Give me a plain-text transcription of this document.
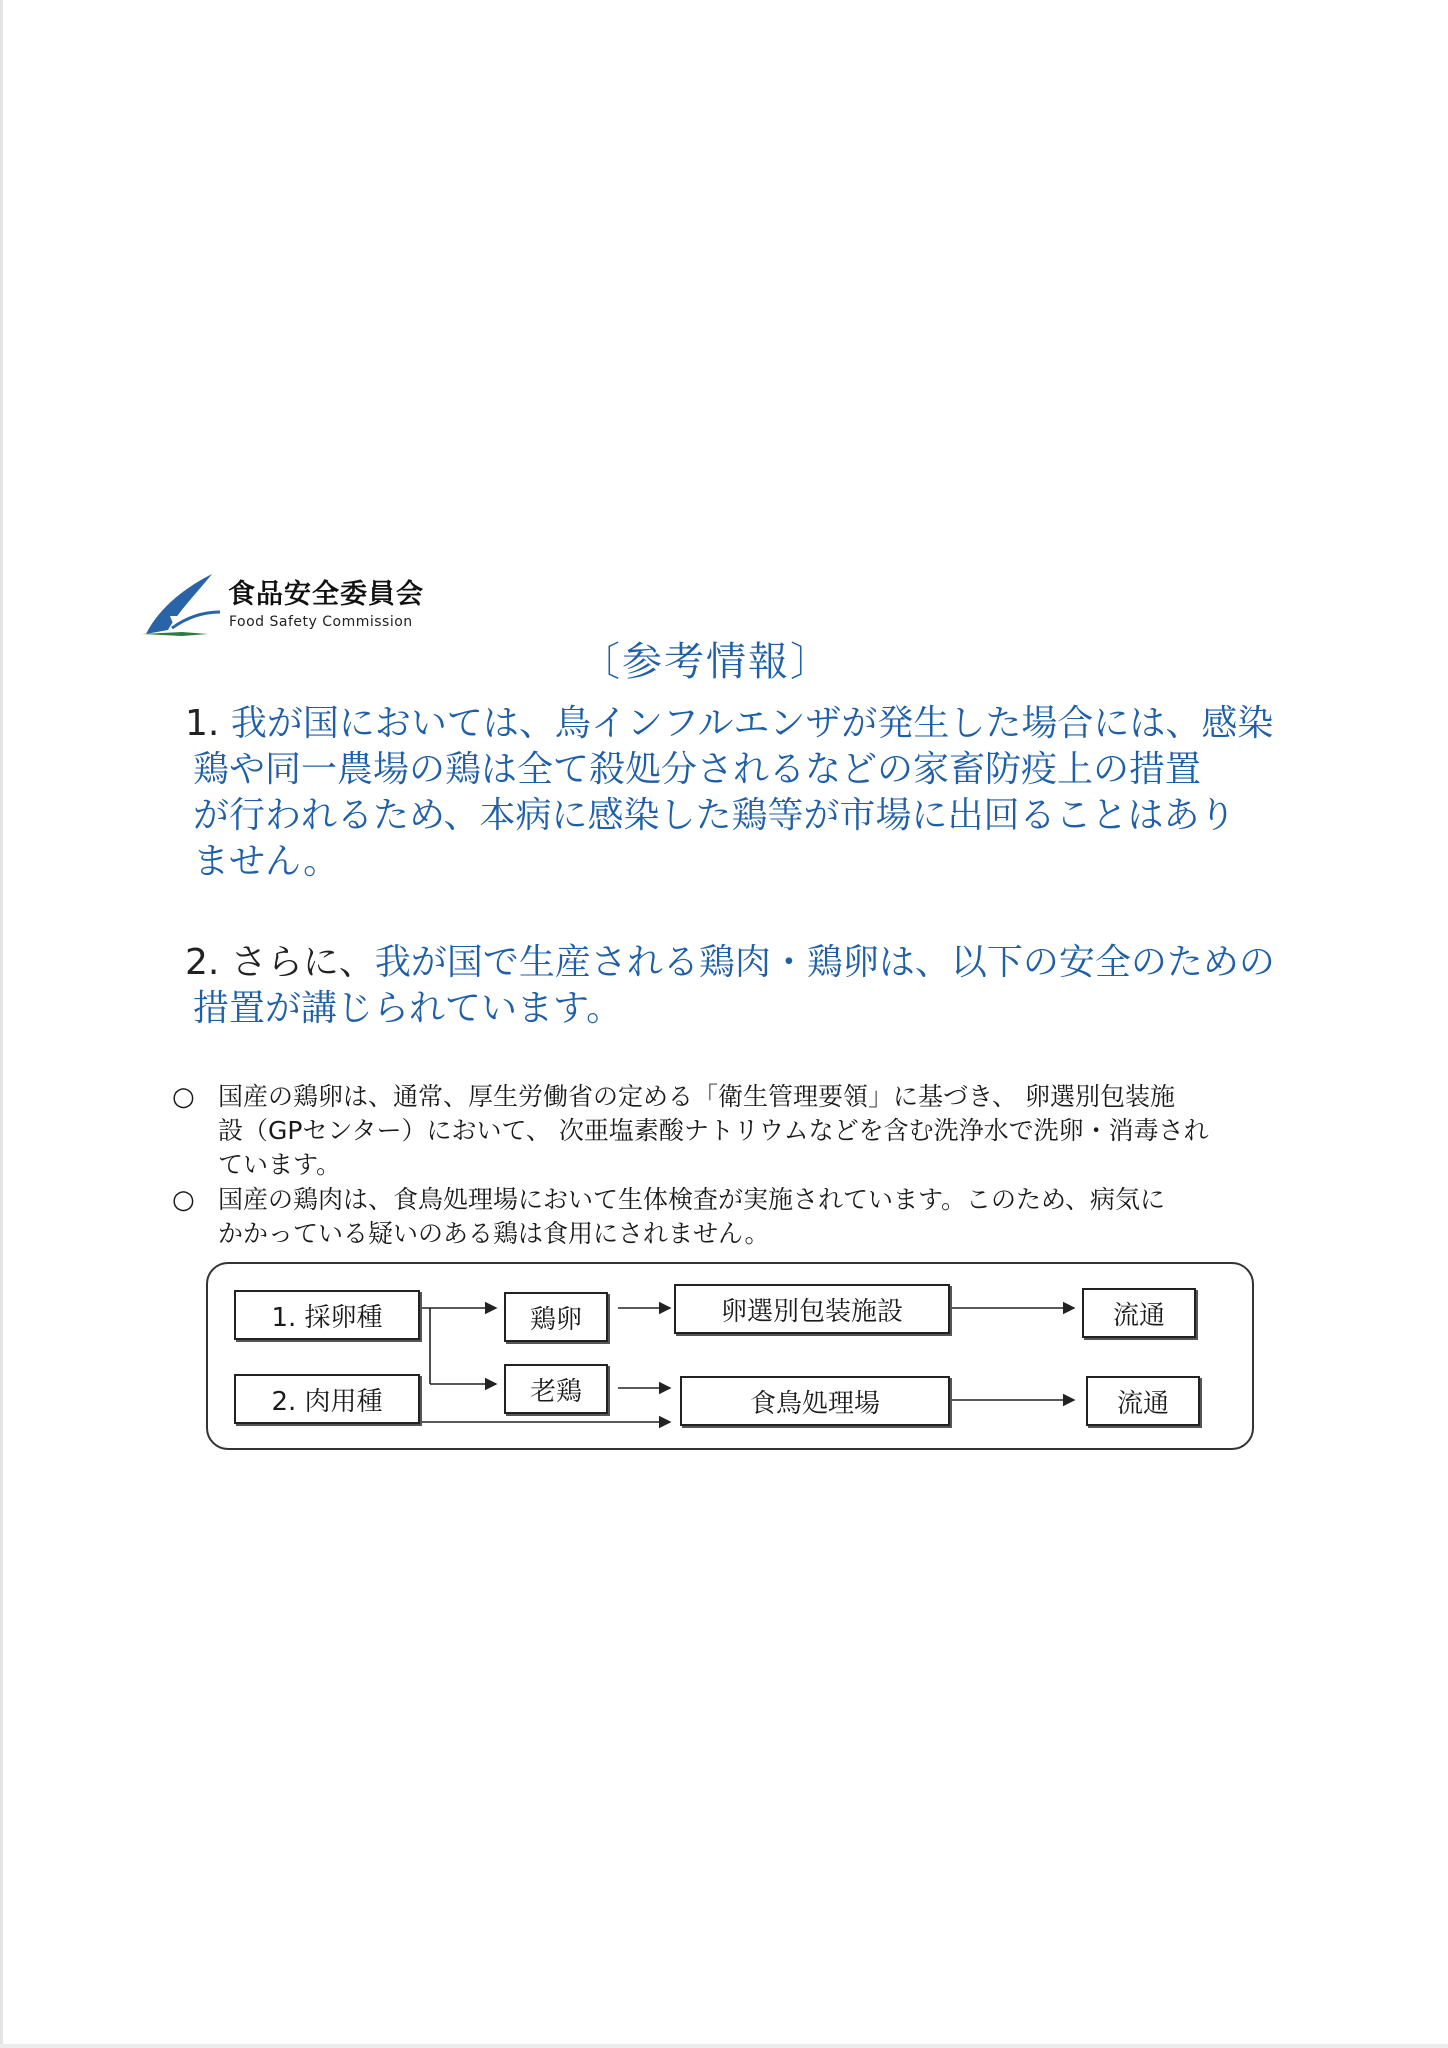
食品安全委員会
Food Safety Commission
〔参考情報〕
1. 我が国においては、鳥インフルエンザが発生した場合には、感染
鶏や同一農場の鶏は全て殺処分されるなどの家畜防疫上の措置
が行われるため、本病に感染した鶏等が市場に出回ることはあり
ません。
2. さらに、我が国で生産される鶏肉・鶏卵は、以下の安全のための
措置が講じられています。
○ 国産の鶏卵は、通常、厚生労働省の定める「衛生管理要領」に基づき、 卵選別包装施
設（GPセンター）において、 次亜塩素酸ナトリウムなどを含む洗浄水で洗卵・消毒され
ています。
○ 国産の鶏肉は、食鳥処理場において生体検査が実施されています。このため、病気に
かかっている疑いのある鶏は食用にされません。
1. 採卵種
2. 肉用種
鶏卵
老鶏
卵選別包装施設
食鳥処理場
流通
流通
